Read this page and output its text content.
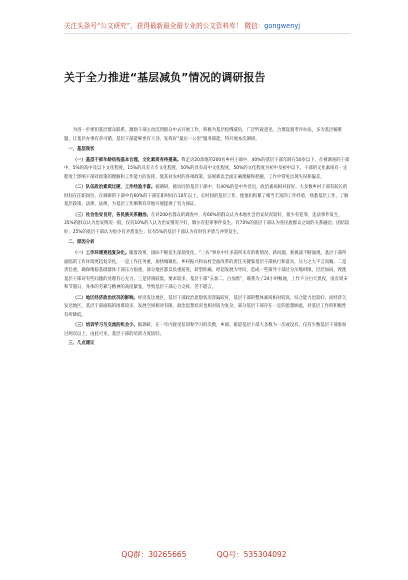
关注头条号“公文研究”，获得最新最全最专业的公文资料库！ 微信：gongwenyj
关于全力推进“基层减负”情况的调研报告

为进一步密切基层群众联系，激励干部主动沉到群众中去开展工作，积极为基层松绑减负，广泛听取意见，合理设置考评办法，多为基层解难题，让基层办事有章可循，基层干部能够更有干劲，发挥好“最后一公里”服务职能，特开展本次调研。

一、基层现状

（一）基层干部年龄结构基本合理，文化素质有待提高。我走访20余地的200名乡村干部中，40%的基层干部年龄在50岁以下，在被调查的干部中，5%的高中及以下文化程度，15%的具有大专文化程度，50%的具有高中文化程度，50%的文化程度为初中及初中以下。干部的文化素质有一定程度上影响干部对政策的理解和工作能力的发挥，使其对农村的各项政策，法规难以全面正确理解和把握，工作中常免出现失误和偏差。

（二）队伍政治素质过硬，工作经验丰富。据调研，被访问的基层干部中，有40%的是中共党员，政治素质相对较好。大多数乡村干部有较长的时间在任职岗位，在调研的干部中有60%的干部任职时间在10年以上，长时间的基层工作，使他们积累了相当丰富的工作经验，熟悉基层工作，了解基层政策、法律、法规，为基层工作顺利有序地开展提供了有力保证。

（三）社会治安良好，各民族关系融洽。在对200名群众的调查中，有60%的群众认为本地社会治安状况较好，很少有犯罪，违法事件发生，35%的群众认为治安情况一般，仅有10%的人认为治安情况不好，偶尔有犯罪事件发生。有70%的基层干部认为各民族群众之间的关系融洽，团结较好；25%的基层干部认为很少有矛盾发生；仅有5%的基层干部认为有时有矛盾与冲突发生。

二、原因分析

（一）工作环境更趋复杂化。随着改革，国际不断发生深刻变化，“三农”事业中许多前所未有的新情况、新问题、新挑战不断涌现，基层干部所面临的工作环境更趋复杂化，一是工作任务重，加快城镇化、乡村振兴和农村全面改革的责任关键靠基层干部执行和落实，压力之大不言而喻。二是责任重，确保维稳基础群体干部压力很重，部分地区都以负重前进，转型阵痛，经超发展为导向，造成一些领导干部过分压缩时限，层层加码，致使基层干部对有些问题的处理有心无力。三是待遇较低，要求较多，基层干部“五加二、白加黑”，联系为了24小时畅通，工作不分白天黑夜，没有周末和节假日，身体的劳累与精神的高度紧张，导致基层干部心力交瘁，苦不堪言。

（二）地区经济政治状况的影响。经济发达地区，基层干部政治思想状况普遍较好，基层干部的整体素质相对较高，综合能力也较好。而经济欠发达地区，基层干部面临的困难较多，发展空间相对有限，政治思想状况也相对较为复杂，部分基层干部存在一定的思想顾虑，对基层工作的积极性有所降低。

（三）培训学习与交流的机会少。据调研，在一年内接受培训和学习的次数，乡镇、街道基层干部大多数为一次或没有，仅有少数基层干部参加过两次以上，由此可见，基层干部的培训力度较轻。

三、几点建议

QQ群：30265665	QQ号：535304092
